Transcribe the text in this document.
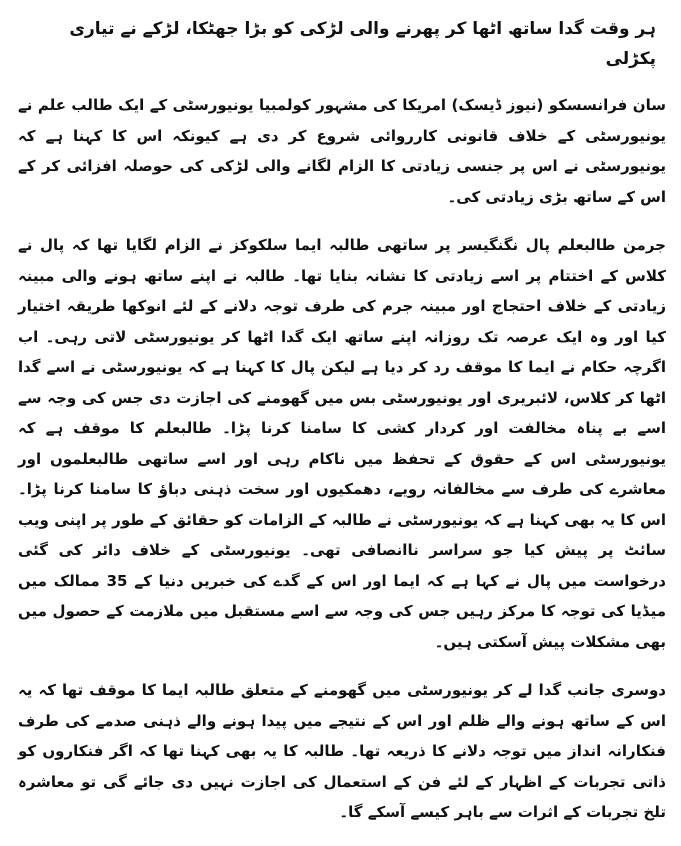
ہر وقت گدا ساتھ اٹھا کر پھرنے والی لڑکی کو بڑا جھٹکا، لڑکے نے تیاری پکڑلی

سان فرانسسکو (نیوز ڈیسک) امریکا کی مشہور کولمبیا یونیورسٹی کے ایک طالب علم نے یونیورسٹی کے خلاف قانونی کارروائی شروع کر دی ہے کیونکہ اس کا کہنا ہے کہ یونیورسٹی نے اس پر جنسی زیادتی کا الزام لگانے والی لڑکی کی حوصلہ افزائی کر کے اس کے ساتھ بڑی زیادتی کی۔

جرمن طالبعلم پال نگنگیسر پر ساتھی طالبہ ایما سلکوکز نے الزام لگایا تھا کہ پال نے کلاس کے اختتام پر اسے زیادتی کا نشانہ بنایا تھا۔ طالبہ نے اپنے ساتھ ہونے والی مبینہ زیادتی کے خلاف احتجاج اور مبینہ جرم کی طرف توجہ دلانے کے لئے انوکھا طریقہ اختیار کیا اور وہ ایک عرصہ تک روزانہ اپنے ساتھ ایک گدا اٹھا کر یونیورسٹی لاتی رہی۔ اب اگرچہ حکام نے ایما کا موقف رد کر دیا ہے لیکن پال کا کہنا ہے کہ یونیورسٹی نے اسے گدا اٹھا کر کلاس، لائبریری اور یونیورسٹی بس میں گھومنے کی اجازت دی جس کی وجہ سے اسے بے پناہ مخالفت اور کردار کشی کا سامنا کرنا پڑا۔ طالبعلم کا موقف ہے کہ یونیورسٹی اس کے حقوق کے تحفظ میں ناکام رہی اور اسے ساتھی طالبعلموں اور معاشرے کی طرف سے مخالفانہ رویے، دھمکیوں اور سخت ذہنی دباؤ کا سامنا کرنا پڑا۔ اس کا یہ بھی کہنا ہے کہ یونیورسٹی نے طالبہ کے الزامات کو حقائق کے طور پر اپنی ویب سائٹ پر پیش کیا جو سراسر ناانصافی تھی۔ یونیورسٹی کے خلاف دائر کی گئی درخواست میں پال نے کہا ہے کہ ایما اور اس کے گدے کی خبریں دنیا کے 35 ممالک میں میڈیا کی توجہ کا مرکز رہیں جس کی وجہ سے اسے مستقبل میں ملازمت کے حصول میں بھی مشکلات پیش آسکتی ہیں۔

دوسری جانب گدا لے کر یونیورسٹی میں گھومنے کے متعلق طالبہ ایما کا موقف تھا کہ یہ اس کے ساتھ ہونے والے ظلم اور اس کے نتیجے میں پیدا ہونے والے ذہنی صدمے کی طرف فنکارانہ انداز میں توجہ دلانے کا ذریعہ تھا۔ طالبہ کا یہ بھی کہنا تھا کہ اگر فنکاروں کو ذاتی تجربات کے اظہار کے لئے فن کے استعمال کی اجازت نہیں دی جائے گی تو معاشرہ تلخ تجربات کے اثرات سے باہر کیسے آسکے گا۔
